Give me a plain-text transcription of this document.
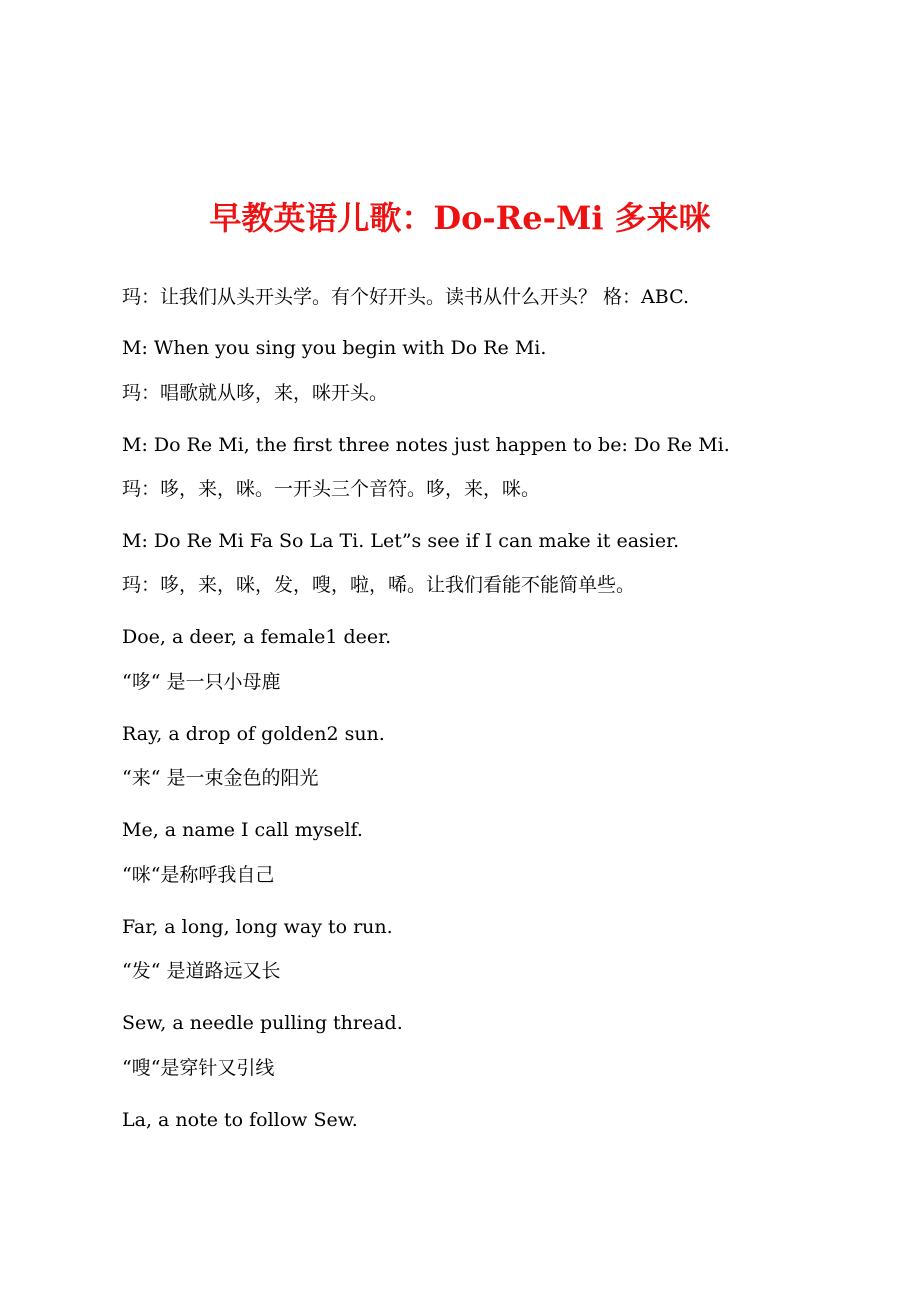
早教英语儿歌：Do-Re-Mi 多来咪
玛：让我们从头开头学。有个好开头。读书从什么开头？ 格：ABC.
M: When you sing you begin with Do Re Mi.
玛：唱歌就从哆，来，咪开头。
M: Do Re Mi, the first three notes just happen to be: Do Re Mi.
玛：哆，来，咪。一开头三个音符。哆，来，咪。
M: Do Re Mi Fa So La Ti. Let”s see if I can make it easier.
玛：哆，来，咪，发，嗖，啦，唏。让我们看能不能简单些。
Doe, a deer, a female1 deer.
“哆“ 是一只小母鹿
Ray, a drop of golden2 sun.
“来“ 是一束金色的阳光
Me, a name I call myself.
“咪“是称呼我自己
Far, a long, long way to run.
“发“ 是道路远又长
Sew, a needle pulling thread.
“嗖“是穿针又引线
La, a note to follow Sew.
